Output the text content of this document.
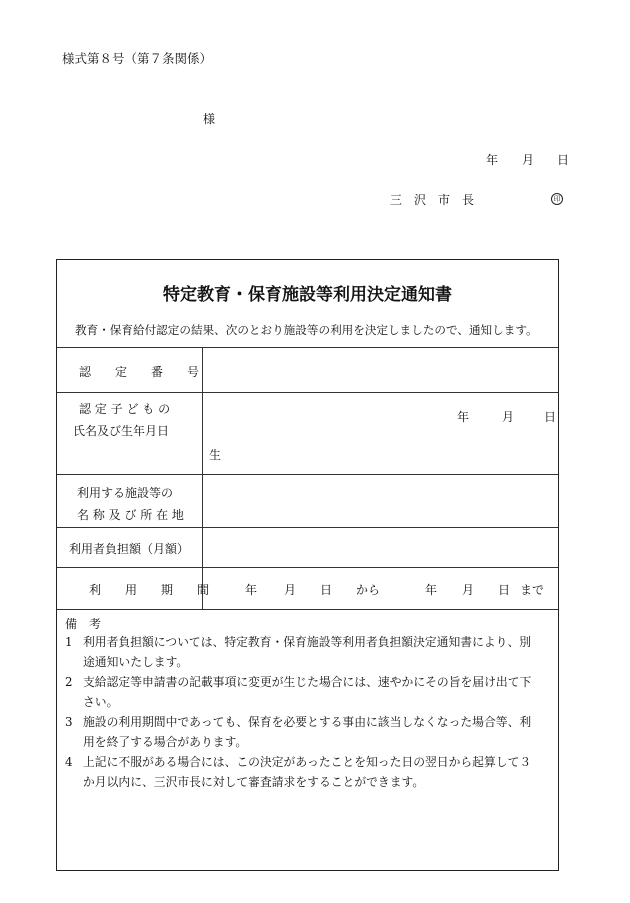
様式第８号（第７条関係）
様
年 月 日
三　沢　市　長	印
特定教育・保育施設等利用決定通知書
教育・保育給付認定の結果、次のとおり施設等の利用を決定しましたので、通知します。
認　　定　　番　　号
認 定 子 ど も の
氏名及び生年月日
年	月 日
生
利用する施設等の
名 称 及 び 所 在 地
利用者負担額（月額）
利　　用　　期　　間	年 月 日 から	年 月 日 まで
備　考
1 利用者負担額については、特定教育・保育施設等利用者負担額決定通知書により、別
途通知いたします。
2 支給認定等申請書の記載事項に変更が生じた場合には、速やかにその旨を届け出て下
さい。
3 施設の利用期間中であっても、保育を必要とする事由に該当しなくなった場合等、利
用を終了する場合があります。
4 上記に不服がある場合には、この決定があったことを知った日の翌日から起算して３
か月以内に、三沢市長に対して審査請求をすることができます。
